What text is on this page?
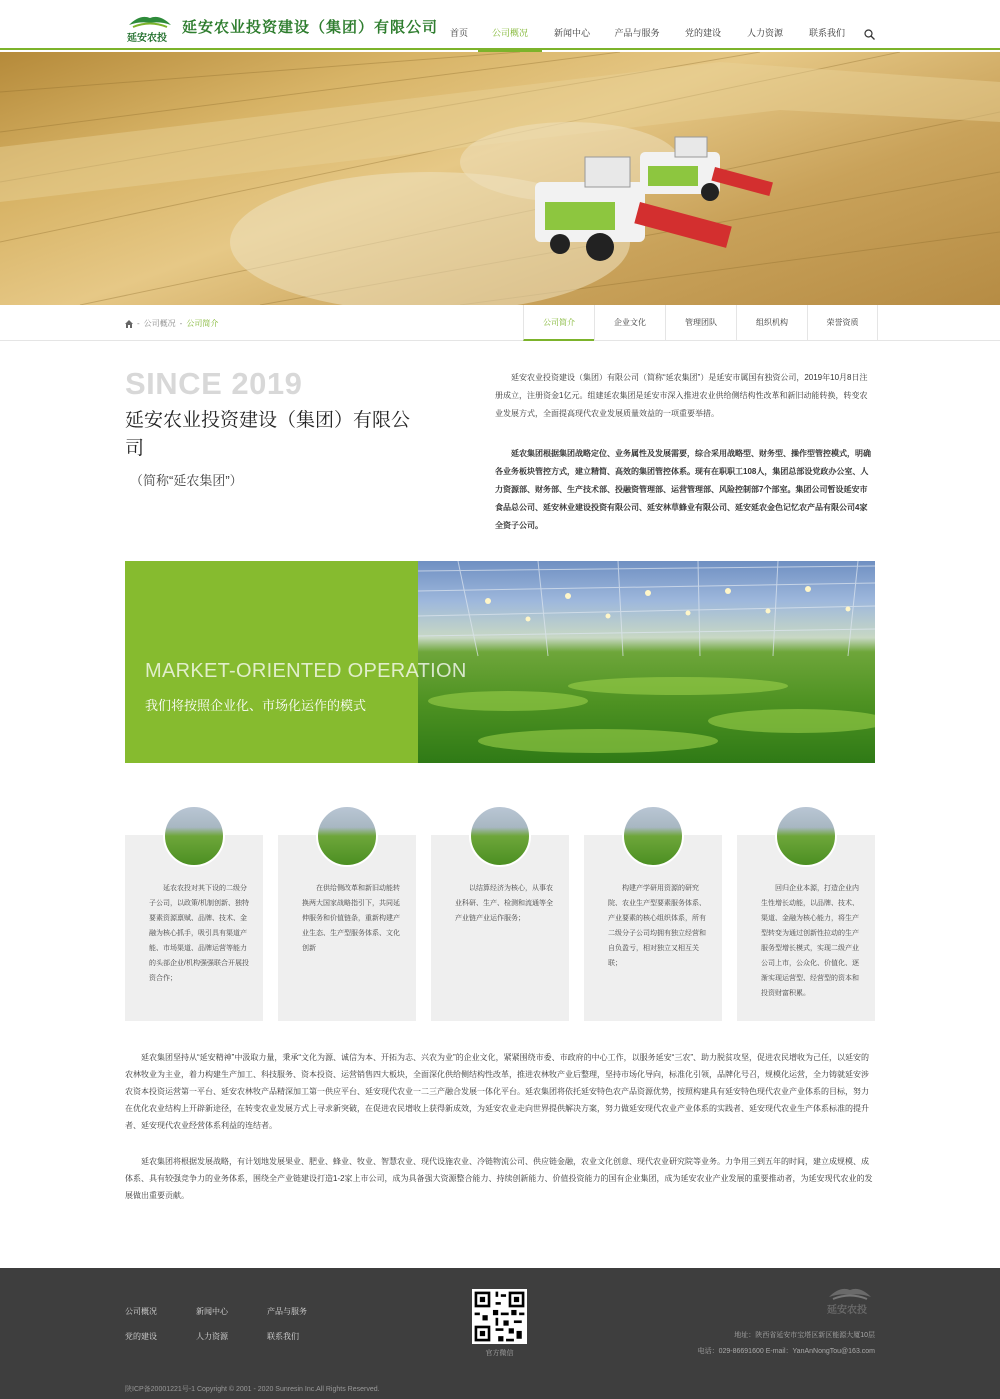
延安农投
延安农业投资建设（集团）有限公司	首页	公司概况	新闻中心	产品与服务	党的建设	人力资源	联系我们
- 公司概况 - 公司简介	公司简介	企业文化	管理团队	组织机构	荣誉资质
SINCE 2019
延安农业投资建设（集团）有限公司
（简称“延农集团”）
延安农业投资建设（集团）有限公司（简称“延农集团”）是延安市属国有独资公司，2019年10月8日注册成立，注册资金1亿元。组建延农集团是延安市深入推进农业供给侧结构性改革和新旧动能转换，转变农业发展方式，全面提高现代农业发展质量效益的一项重要举措。
延农集团根据集团战略定位、业务属性及发展需要，综合采用战略型、财务型、操作型管控模式，明确各业务板块管控方式，建立精简、高效的集团管控体系。现有在职职工108人，集团总部设党政办公室、人力资源部、财务部、生产技术部、投融资管理部、运营管理部、风险控制部7个部室。集团公司暂设延安市食品总公司、延安林业建设投资有限公司、延安林草蜂业有限公司、延安延农金色记忆农产品有限公司4家全资子公司。
MARKET-ORIENTED OPERATION
我们将按照企业化、市场化运作的模式
延农农投对其下设的二级分子公司，以政策/机制创新、独特要素资源禀赋、品牌、技术、金融为核心抓手，吸引具有渠道产能、市场渠道、品牌运营等能力的头部企业/机构强强联合开展投资合作；
在供给侧改革和新旧动能转换两大国家战略指引下，共同延伸服务和价值链条，重新构建产业生态、生产型服务体系、文化创新
以结算经济为核心，从事农业科研、生产、检测和流通等全产业链产业运作服务；
构建产学研用资源的研究院、农业生产型要素服务体系、产业要素的核心组织体系，所有二级分子公司均拥有独立经营和自负盈亏，相对独立又相互关联；
回归企业本源，打造企业内生性增长动能，以品牌、技术、渠道、金融为核心能力，将生产型转变为通过创新性拉动的生产服务型增长模式，实现二级产业公司上市，公众化、价值化、逐渐实现运营型、经营型的资本和投资财富积累。
延农集团坚持从“延安精神”中汲取力量，秉承“文化为源、诚信为本、开拓为志、兴农为业”的企业文化，紧紧围绕市委、市政府的中心工作，以服务延安“三农”、助力脱贫攻坚，促进农民增收为己任，以延安的农林牧业为主业，着力构建生产加工、科技服务、资本投资、运营销售四大板块，全面深化供给侧结构性改革，推进农林牧产业后整理，坚持市场化导向，标准化引领，品牌化号召，规模化运营，全力铸就延安涉农资本投资运营第一平台、延安农林牧产品精深加工第一供应平台、延安现代农业一二三产融合发展一体化平台。延农集团将依托延安特色农产品资源优势，按照构建具有延安特色现代农业产业体系的目标，努力在优化农业结构上开辟新途径，在转变农业发展方式上寻求新突破，在促进农民增收上获得新成效，为延安农业走向世界提供解决方案，努力做延安现代农业产业体系的实践者、延安现代农业生产体系标准的提升者、延安现代农业经营体系利益的连结者。
延农集团将根据发展战略，有计划地发展果业、肥业、蜂业、牧业、智慧农业、现代设施农业、冷链物流公司、供应链金融，农业文化创意、现代农业研究院等业务。力争用三到五年的时间，建立成规模、成体系、具有较强竞争力的业务体系，围绕全产业链建设打造1-2家上市公司，成为具备强大资源整合能力、持续创新能力、价值投资能力的国有企业集团，成为延安农业产业发展的重要推动者，为延安现代农业的发展做出重要贡献。
公司概况	新闻中心	产品与服务
党的建设	人力资源	联系我们
官方微信
延安农投
地址：陕西省延安市宝塔区新区能源大厦10层
电话：029-86691600 E-mail：YanAnNongTou@163.com
陕ICP备20001221号-1 Copyright © 2001 - 2020 Sunresin Inc.All Rights Reserved.
